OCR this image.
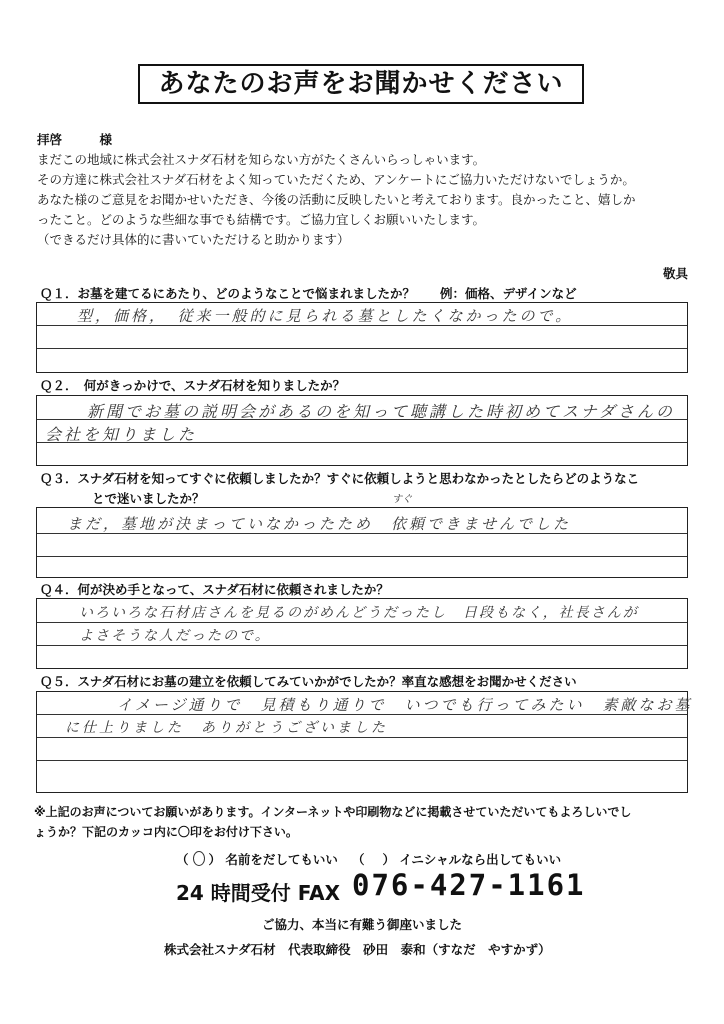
あなたのお声をお聞かせください
拝啓　　　様
まだこの地域に株式会社スナダ石材を知らない方がたくさんいらっしゃいます。
その方達に株式会社スナダ石材をよく知っていただくため、アンケートにご協力いただけないでしょうか。
あなた様のご意見をお聞かせいただき、今後の活動に反映したいと考えております。良かったこと、嬉しか
ったこと。どのような些細な事でも結構です。ご協力宜しくお願いいたします。
（できるだけ具体的に書いていただけると助かります）
敬具
Ｑ１．お墓を建てるにあたり、どのようなことで悩まれましたか？　　例：価格、デザインなど
型，価格，　従来一般的に見られる墓としたくなかったので。
Ｑ２．　何がきっかけで、スナダ石材を知りましたか？
新聞でお墓の説明会があるのを知って聴講した時初めてスナダさんの
会社を知りました
Ｑ３．スナダ石材を知ってすぐに依頼しましたか？すぐに依頼しようと思わなかったとしたらどのようなこ
とで迷いましたか？	すぐ
まだ，墓地が決まっていなかったため　依頼できませんでした
Ｑ４．何が決め手となって、スナダ石材に依頼されましたか？
いろいろな石材店さんを見るのがめんどうだったし　日段もなく，社長さんが
よさそうな人だったので。
Ｑ５．スナダ石材にお墓の建立を依頼してみていかがでしたか？率直な感想をお聞かせください
イメージ通りで　見積もり通りで　いつでも行ってみたい　素敵なお墓
に仕上りました　ありがとうございました
※上記のお声についてお願いがあります。インターネットや印刷物などに掲載させていただいてもよろしいでし
ょうか？下記のカッコ内に〇印をお付け下さい。
（ ○ ） 名前をだしてもいい （ ） イニシャルなら出してもいい
24 時間受付 FAX 076-427-1161
ご協力、本当に有難う御座いました
株式会社スナダ石材　代表取締役　砂田　泰和（すなだ　やすかず）
